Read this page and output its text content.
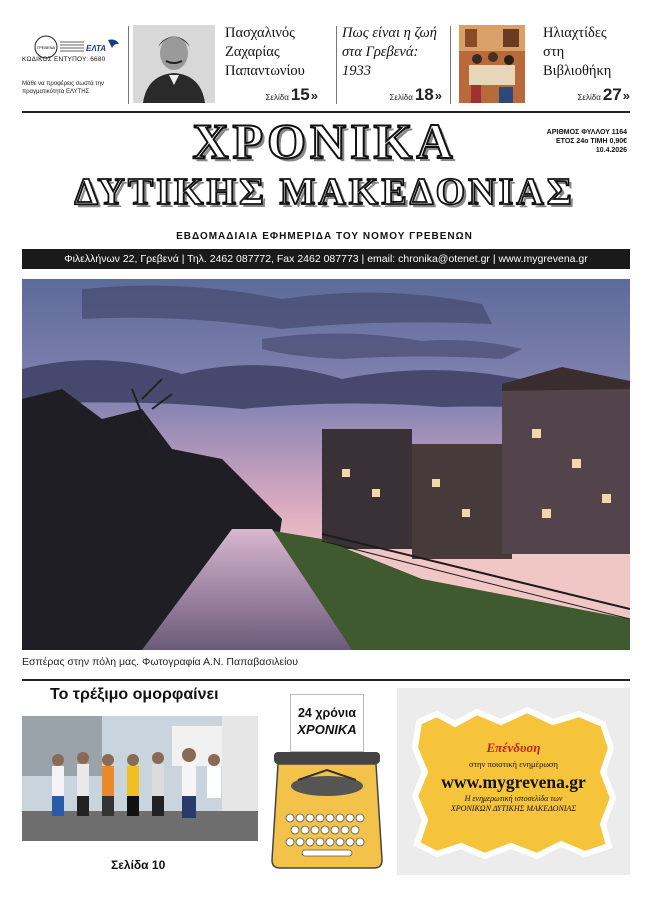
ΓΡΕΒΕΝΑ	ΕΛΤΑ
ΚΩΔΙΚΟΣ ΕΝΤΥΠΟΥ: 6680
Μάθε να προφέρεις σωστά την πραγματικότητα ΕΛΥΤΗΣ
Πασχαλινός Ζαχαρίας Παπαντωνίου
Σελίδα 15»
Πως είναι η ζωή στα Γρεβενά: 1933
Σελίδα 18»
Ηλιαχτίδες στη Βιβλιοθήκη
Σελίδα 27»
ΧΡΟΝΙΚΑ
ΔΥΤΙΚΗΣ ΜΑΚΕΔΟΝΙΑΣ
ΑΡΙΘΜΟΣ ΦΥΛΛΟΥ 1164
ΕΤΟΣ 24ο ΤΙΜΗ 0,90€
10.4.2026
ΕΒΔΟΜΑΔΙΑΙΑ ΕΦΗΜΕΡΙΔΑ ΤΟΥ ΝΟΜΟΥ ΓΡΕΒΕΝΩΝ
Φιλελλήνων 22, Γρεβενά | Τηλ. 2462 087772, Fax 2462 087773 | email: chronika@otenet.gr | www.mygrevena.gr
Εσπέρας στην πόλη μας. Φωτογραφία Α.Ν. Παπαβασιλείου
Το τρέξιμο ομορφαίνει
Σελίδα 10
24 χρόνια
ΧΡΟΝΙΚΑ
Επένδυση
στην ποιοτική ενημέρωση
www.mygrevena.gr
Η ενημερωτική ιστοσελίδα των ΧΡΟΝΙΚΩΝ ΔΥΤΙΚΗΣ ΜΑΚΕΔΟΝΙΑΣ
